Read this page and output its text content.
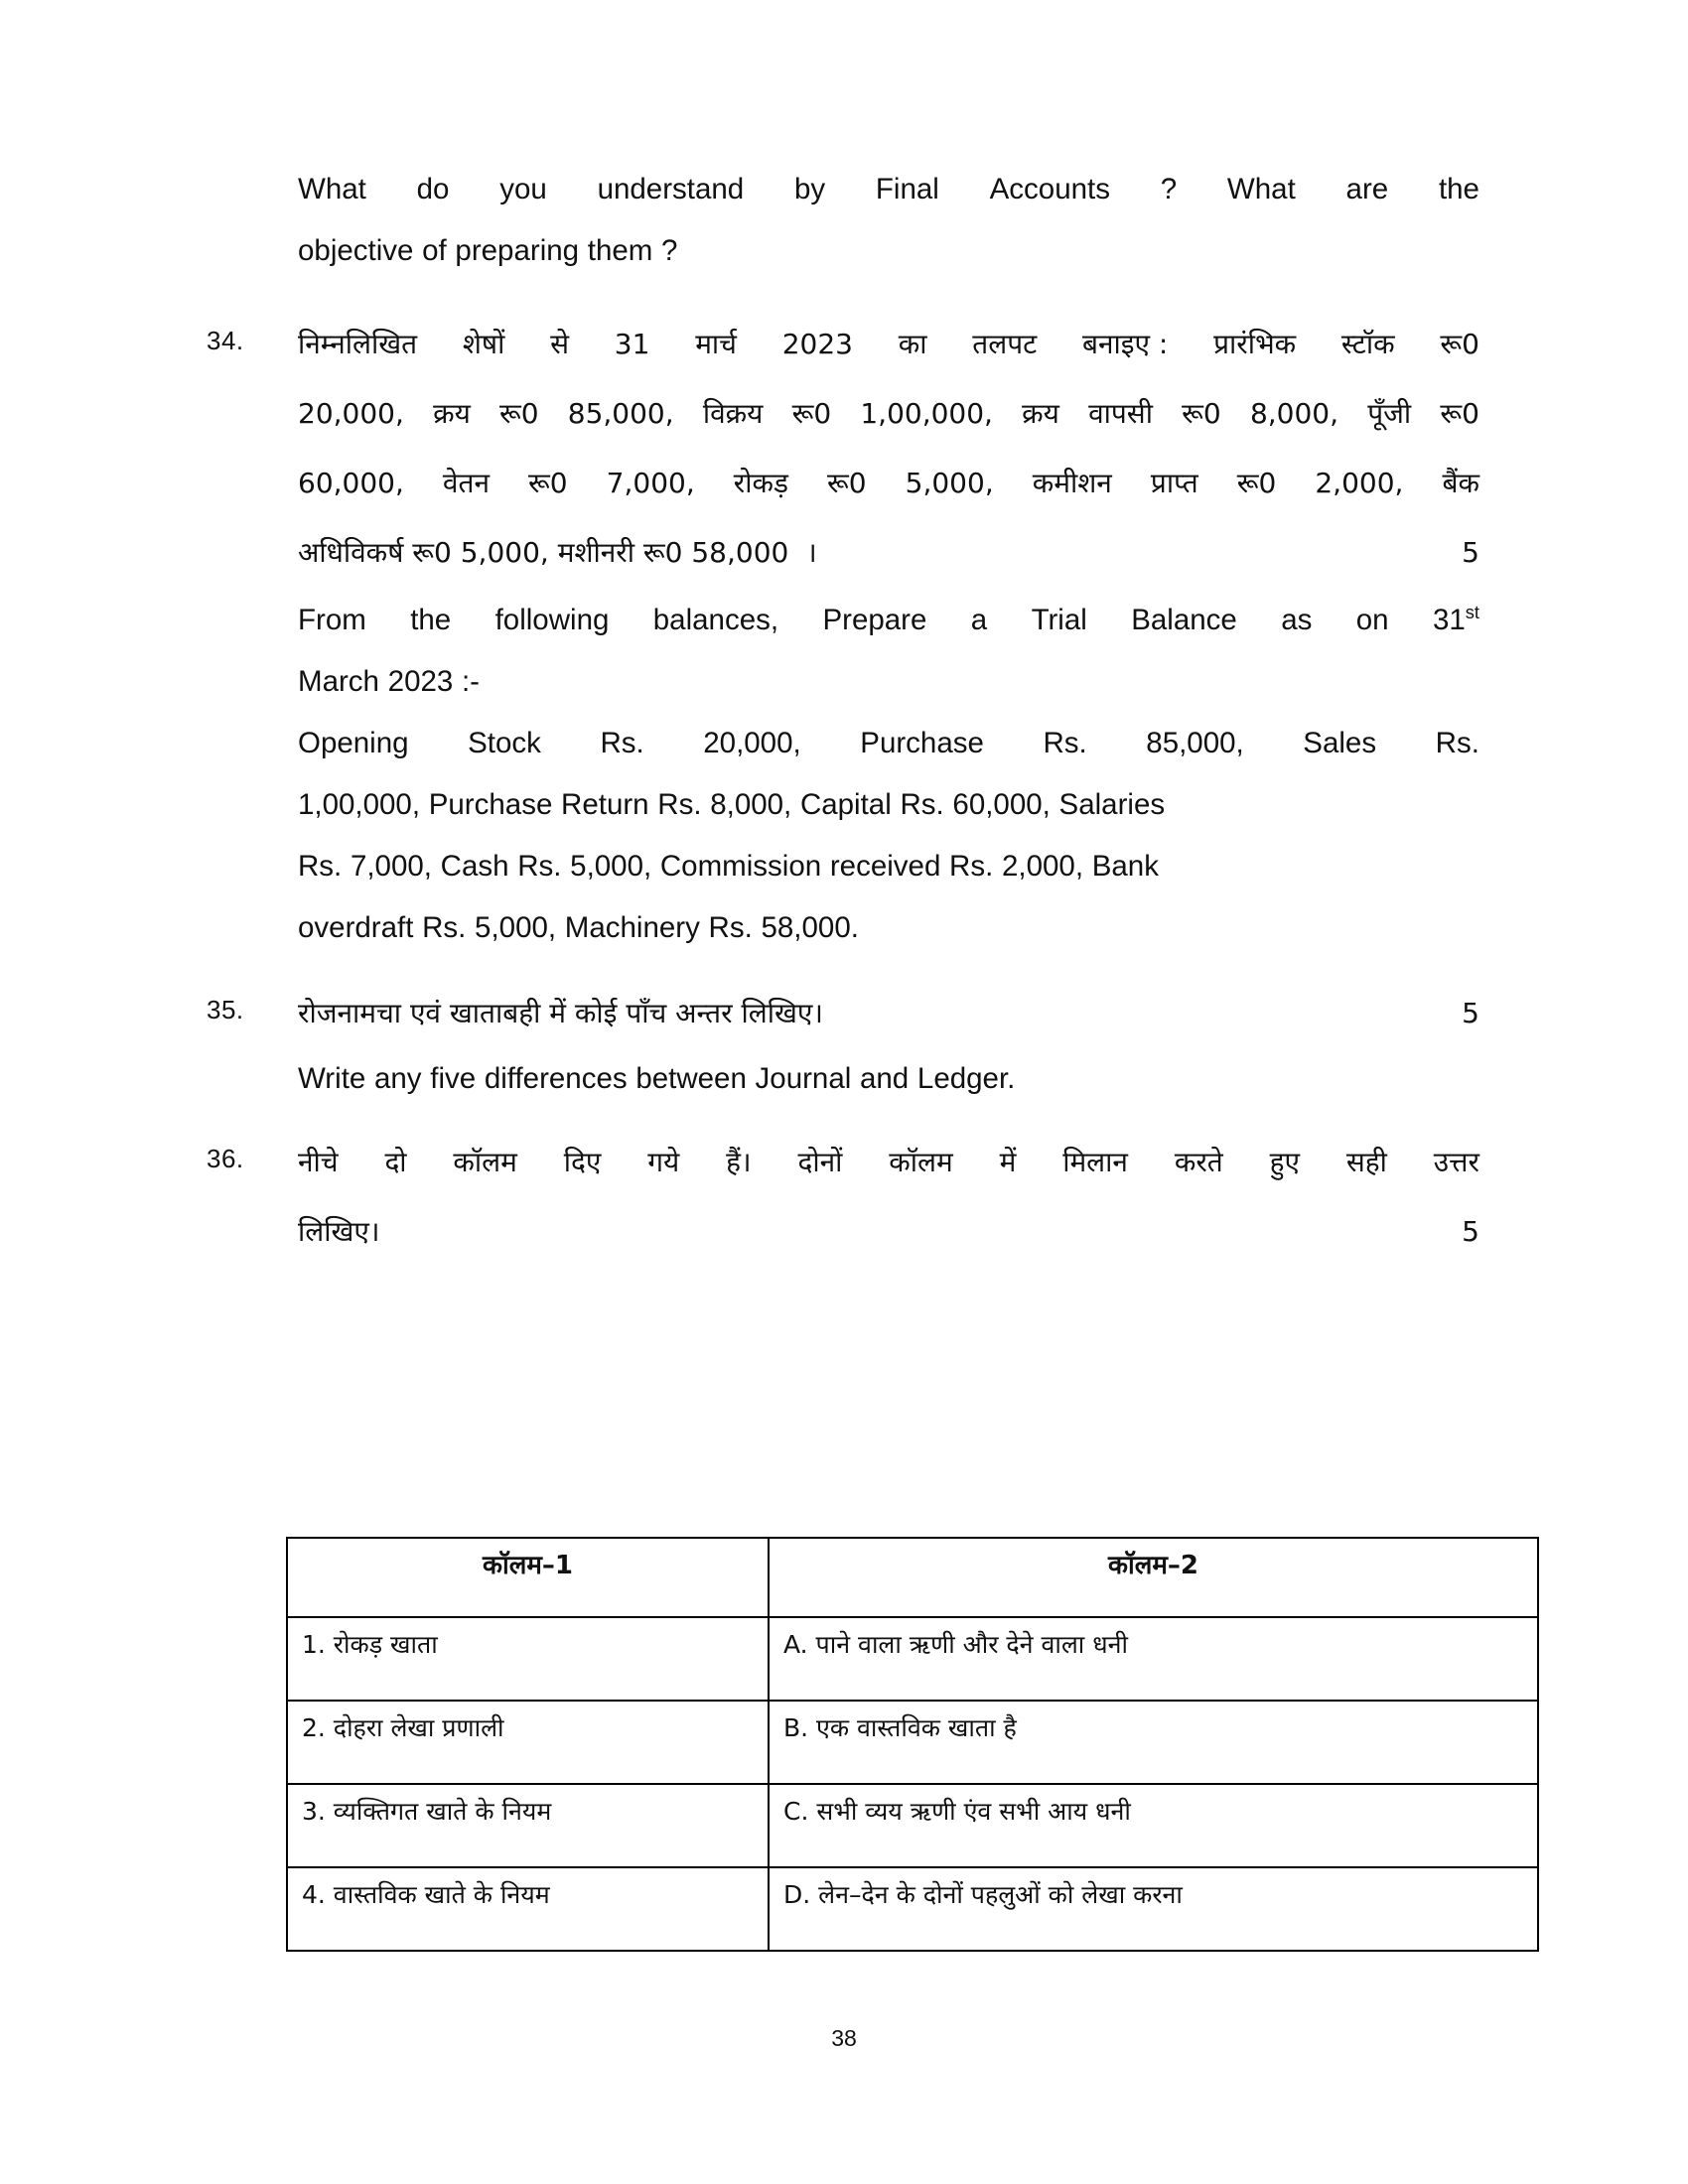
What do you understand by Final Accounts ? What are the
objective of preparing them ?
34.	निम्नलिखित शेषों से 31 मार्च 2023 का तलपट बनाइए : प्रारंभिक स्टॉक रू0
20,000, क्रय रू0 85,000, विक्रय रू0 1,00,000, क्रय वापसी रू0 8,000, पूँजी रू0
60,000, वेतन रू0 7,000, रोकड़ रू0 5,000, कमीशन प्राप्त रू0 2,000, बैंक
अधिविकर्ष रू0 5,000, मशीनरी रू0 58,000  ।	5
From the following balances, Prepare a Trial Balance as on 31st
March 2023 :-
Opening Stock Rs. 20,000, Purchase Rs. 85,000, Sales Rs.
1,00,000, Purchase Return Rs. 8,000, Capital Rs. 60,000, Salaries
Rs. 7,000, Cash Rs. 5,000, Commission received Rs. 2,000, Bank
overdraft Rs. 5,000, Machinery Rs. 58,000.
35.	रोजनामचा एवं खाताबही में कोई पाँच अन्तर लिखिए।	5
Write any five differences between Journal and Ledger.
36.	नीचे दो कॉलम दिए गये हैं। दोनों कॉलम में मिलान करते हुए सही उत्तर
लिखिए।	5
कॉलम–1	कॉलम–2
1. रोकड़ खाता	A. पाने वाला ऋणी और देने वाला धनी
2. दोहरा लेखा प्रणाली	B. एक वास्तविक खाता है
3. व्यक्तिगत खाते के नियम	C. सभी व्यय ऋणी एंव सभी आय धनी
4. वास्तविक खाते के नियम	D. लेन–देन के दोनों पहलुओं को लेखा करना
38
